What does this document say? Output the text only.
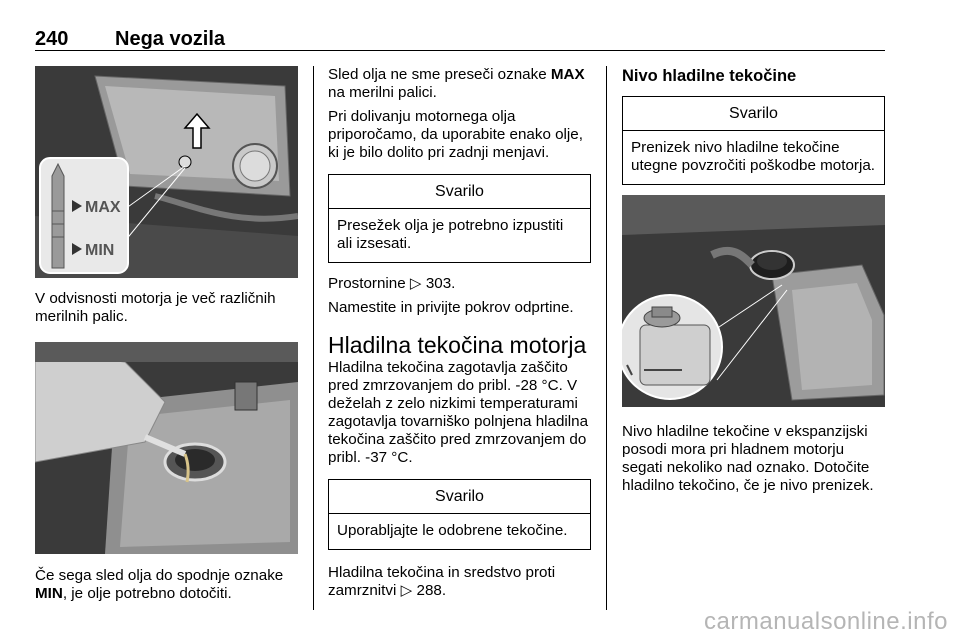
240 Nega vozila
MAX
MIN

V odvisnosti motorja je več različnih merilnih palic.

Če sega sled olja do spodnje oznake MIN, je olje potrebno dotočiti.

Sled olja ne sme preseči oznake MAX na merilni palici.

Pri dolivanju motornega olja priporočamo, da uporabite enako olje, ki je bilo dolito pri zadnji menjavi.

Svarilo
Presežek olja je potrebno izpustiti ali izsesati.

Prostornine ▷ 303.

Namestite in privijte pokrov odprtine.

Hladilna tekočina motorja

Hladilna tekočina zagotavlja zaščito pred zmrzovanjem do pribl. -28 °C. V deželah z zelo nizkimi temperaturami zagotavlja tovarniško polnjena hladilna tekočina zaščito pred zmrzovanjem do pribl. -37 °C.

Svarilo
Uporabljajte le odobrene tekočine.

Hladilna tekočina in sredstvo proti zamrznitvi ▷ 288.

Nivo hladilne tekočine
Svarilo
Prenizek nivo hladilne tekočine utegne povzročiti poškodbe motorja.

Nivo hladilne tekočine v ekspanzijski posodi mora pri hladnem motorju segati nekoliko nad oznako. Dotočite hladilno tekočino, če je nivo prenizek.

carmanualsonline.info
